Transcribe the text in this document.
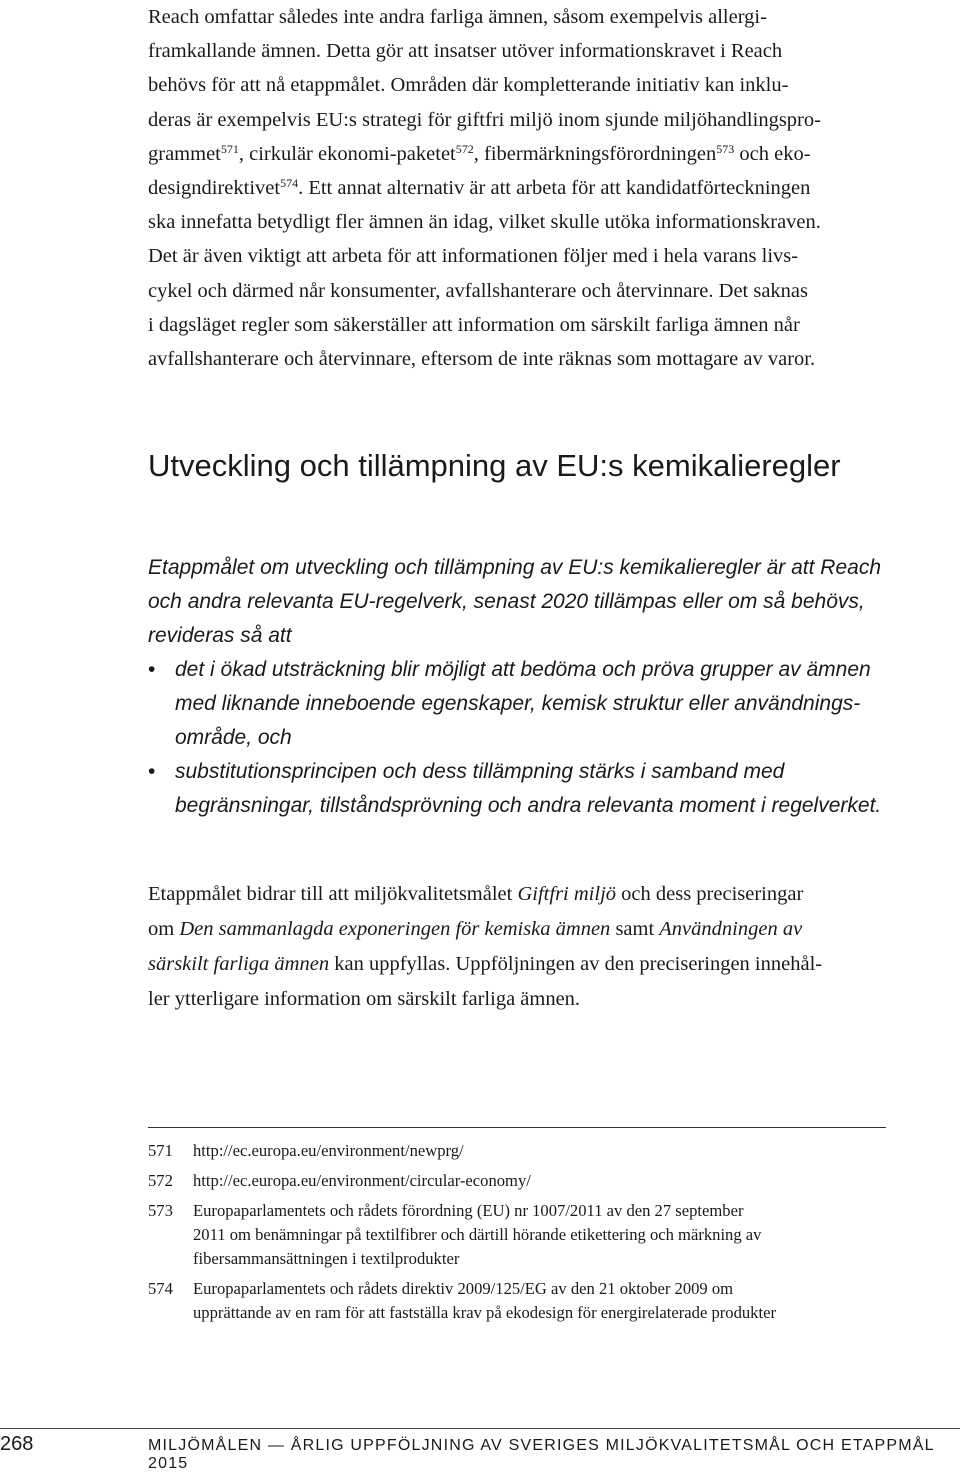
Reach omfattar således inte andra farliga ämnen, såsom exempelvis allergi-
framkallande ämnen. Detta gör att insatser utöver informationskravet i Reach
behövs för att nå etappmålet. Områden där kompletterande initiativ kan inklu-
deras är exempelvis EU:s strategi för giftfri miljö inom sjunde miljöhandlingspro-
grammet$^{571}$, cirkulär ekonomi-paketet$^{572}$, fibermärkningsförordningen$^{573}$ och eko-
designdirektivet$^{574}$. Ett annat alternativ är att arbeta för att kandidatförteckningen
ska innefatta betydligt fler ämnen än idag, vilket skulle utöka informationskraven.
Det är även viktigt att arbeta för att informationen följer med i hela varans livs-
cykel och därmed når konsumenter, avfallshanterare och återvinnare. Det saknas
i dagsläget regler som säkerställer att information om särskilt farliga ämnen når
avfallshanterare och återvinnare, eftersom de inte räknas som mottagare av varor.

Utveckling och tillämpning av EU:s kemikalieregler
Etappmålet om utveckling och tillämpning av EU:s kemikalieregler är att Reach
och andra relevanta EU-regelverk, senast 2020 tillämpas eller om så behövs,
revideras så att
• det i ökad utsträckning blir möjligt att bedöma och pröva grupper av ämnen
med liknande inneboende egenskaper, kemisk struktur eller användnings-
område, och
• substitutionsprincipen och dess tillämpning stärks i samband med
begränsningar, tillståndsprövning och andra relevanta moment i regelverket.
Etappmålet bidrar till att miljökvalitetsmålet Giftfri miljö och dess preciseringar
om Den sammanlagda exponeringen för kemiska ämnen samt Användningen av
särskilt farliga ämnen kan uppfyllas. Uppföljningen av den preciseringen innehål-
ler ytterligare information om särskilt farliga ämnen.
571 http://ec.europa.eu/environment/newprg/
572 http://ec.europa.eu/environment/circular-economy/
573 Europaparlamentets och rådets förordning (EU) nr 1007/2011 av den 27 september
2011 om benämningar på textilfibrer och därtill hörande etikettering och märkning av
fibersammansättningen i textilprodukter
574 Europaparlamentets och rådets direktiv 2009/125/EG av den 21 oktober 2009 om
upprättande av en ram för att fastställa krav på ekodesign för energirelaterade produkter
268	MILJÖMÅLEN — ÅRLIG UPPFÖLJNING AV SVERIGES MILJÖKVALITETSMÅL OCH ETAPPMÅL 2015
